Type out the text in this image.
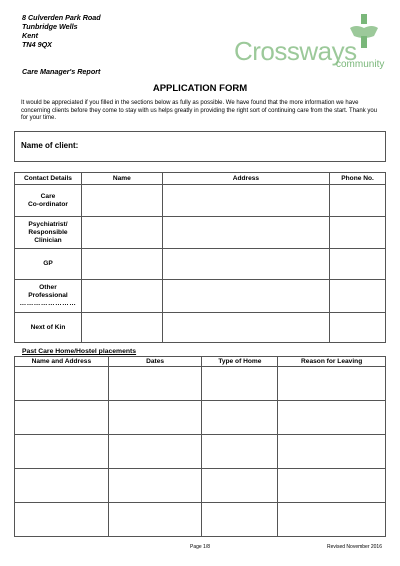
8 Culverden Park Road
Tunbridge Wells
Kent
TN4 9QX
Care Manager's Report
Crossways
community
APPLICATION FORM
It would be appreciated if you filled in the sections below as fully as possible. We have found that the more information we have concerning clients before they come to stay with us helps greatly in providing the right sort of continuing care from the start. Thank you for your time.
Name of client:
Contact Details	Name	Address	Phone No.

Care
Co-ordinator			

Psychiatrist/
Responsible
Clinician			

GP			

Other
Professional
……………………			

Next of Kin			

Past Care Home/Hostel placements
Name and Address	Dates	Type of Home	Reason for Leaving

Page 1/8	Revised November 2016
